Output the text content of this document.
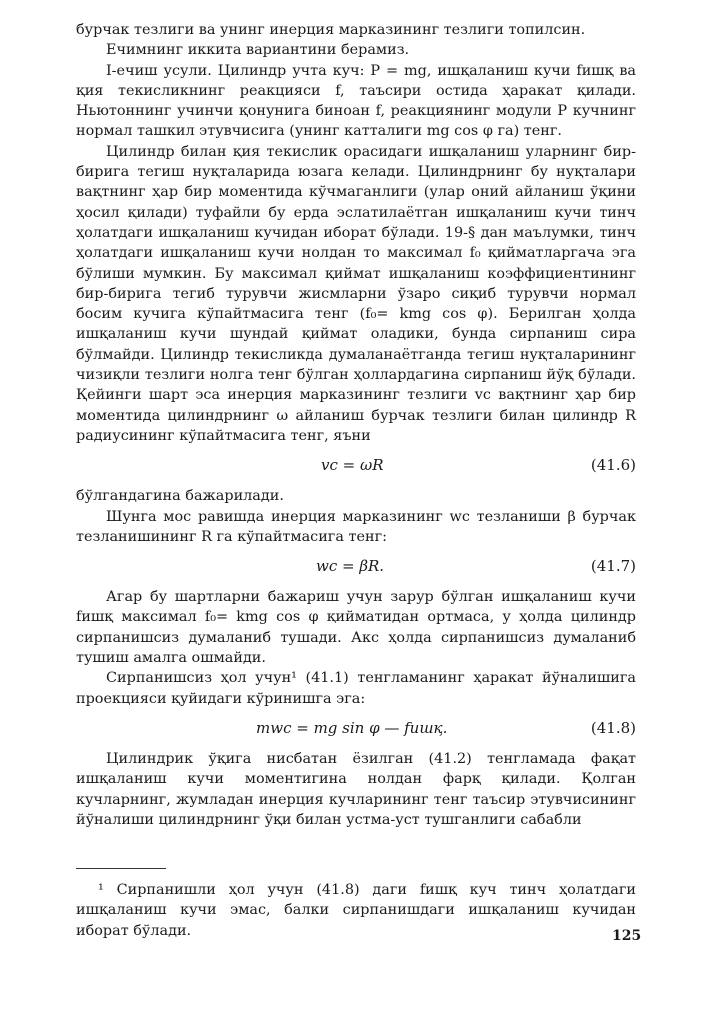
бурчак тезлиги ва унинг инерция марказининг тезлиги топилсин.

Ечимнинг иккита вариантини берамиз.

I-ечиш усули. Цилиндр учта куч: P = mg, ишқаланиш кучи fишқ ва қия текисликнинг реакцияси f, таъсири остида ҳаракат қилади. Ньютоннинг учинчи қонунига биноан f, реакциянинг модули P кучнинг нормал ташкил этувчисига (унинг катталиги mg cos φ га) тенг.

Цилиндр билан қия текислик орасидаги ишқаланиш уларнинг бир-бирига тегиш нуқталарида юзага келади. Цилиндрнинг бу нуқталари вақтнинг ҳар бир моментида кўчмаганлиги (улар оний айланиш ўқини ҳосил қилади) туфайли бу ерда эслатилаётган ишқаланиш кучи тинч ҳолатдаги ишқаланиш кучидан иборат бўлади. 19-§ дан маълумки, тинч ҳолатдаги ишқаланиш кучи нолдан то максимал f₀ қийматларгача эга бўлиши мумкин. Бу максимал қиймат ишқаланиш коэффициентининг бир-бирига тегиб турувчи жисмларни ўзаро сиқиб турувчи нормал босим кучига кўпайтмасига тенг (f₀= kmg cos φ). Берилган ҳолда ишқаланиш кучи шундай қиймат оладики, бунда сирпаниш сира бўлмайди. Цилиндр текисликда думаланаётганда тегиш нуқталарининг чизиқли тезлиги нолга тенг бўлган ҳоллардагина сирпаниш йўқ бўлади. Қейинги шарт эса инерция марказининг тезлиги vc вақтнинг ҳар бир моментида цилиндрнинг ω айланиш бурчак тезлиги билан цилиндр R радиусининг кўпайтмасига тенг, яъни

vc = ωR	(41.6)

бўлгандагина бажарилади.

Шунга мос равишда инерция марказининг wc тезланиши β бурчак тезланишининг R га кўпайтмасига тенг:

wc = βR.	(41.7)

Агар бу шартларни бажариш учун зарур бўлган ишқаланиш кучи fишқ максимал f₀= kmg cos φ қийматидан ортмаса, у ҳолда цилиндр сирпанишсиз думаланиб тушади. Акс ҳолда сирпанишсиз думаланиб тушиш амалга ошмайди.

Сирпанишсиз ҳол учун¹ (41.1) тенгламанинг ҳаракат йўналишига проекцияси қуйидаги кўринишга эга:

mwc = mg sin φ — fишқ.	(41.8)

Цилиндрик ўқига нисбатан ёзилган (41.2) тенгламада фақат ишқаланиш кучи моментигина нолдан фарқ қилади. Қолган кучларнинг, жумладан инерция кучларининг тенг таъсир этувчисининг йўналиши цилиндрнинг ўқи билан устма-уст тушганлиги сабабли

¹ Сирпанишли ҳол учун (41.8) даги fишқ куч тинч ҳолатдаги ишқаланиш кучи эмас, балки сирпанишдаги ишқаланиш кучидан иборат бўлади.	125
